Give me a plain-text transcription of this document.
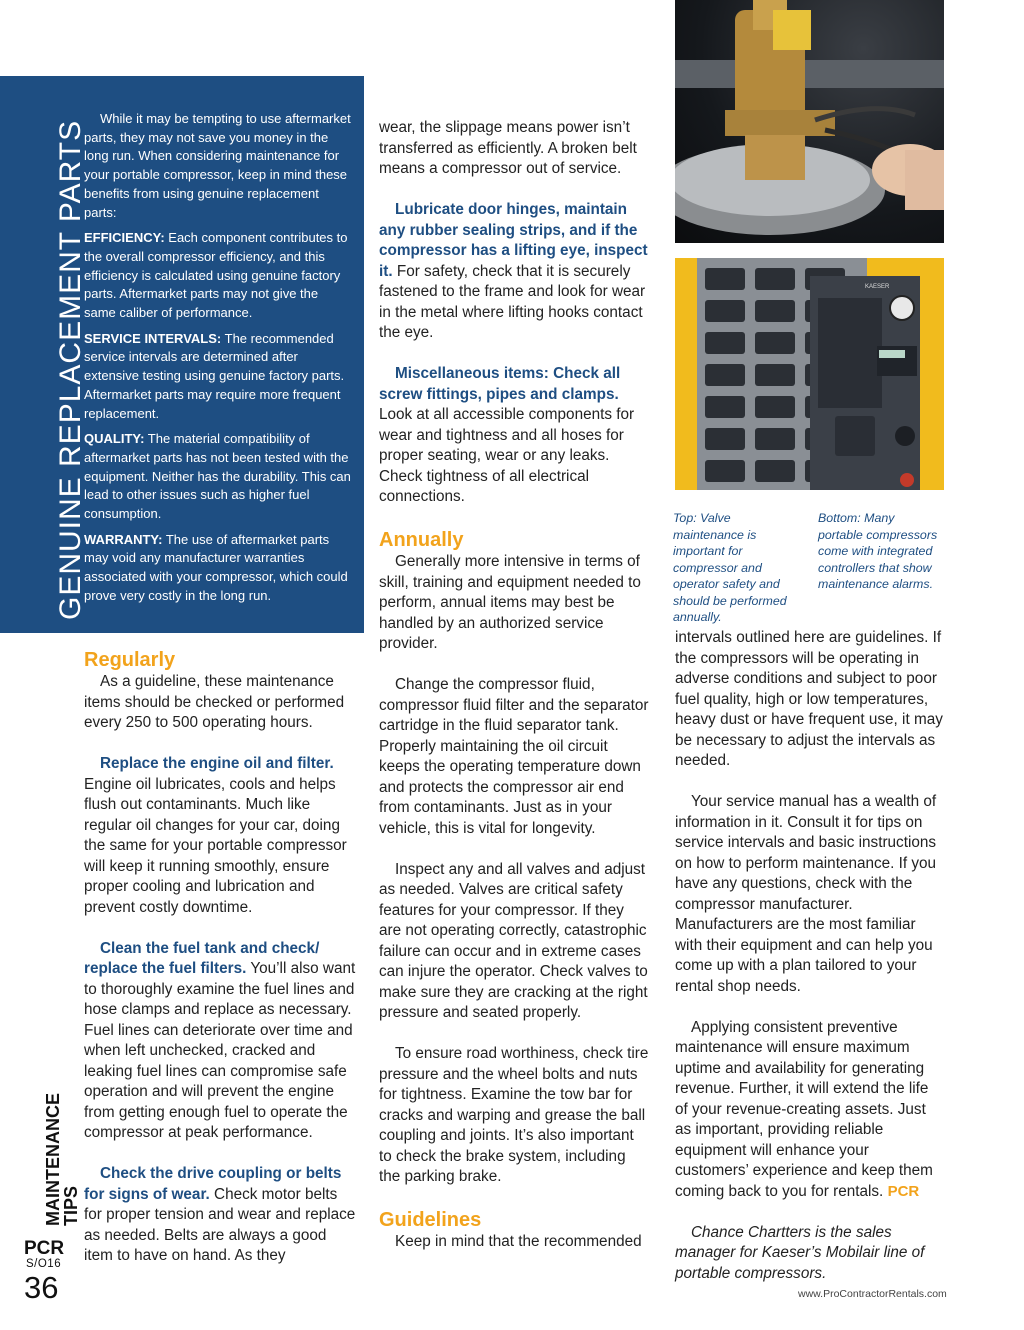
GENUINE REPLACEMENT PARTS

While it may be tempting to use aftermarket parts, they may not save you money in the long run. When considering maintenance for your portable compressor, keep in mind these benefits from using genuine replacement parts:

EFFICIENCY: Each component contributes to the overall compressor efficiency, and this efficiency is calculated using genuine factory parts. Aftermarket parts may not give the same caliber of performance.

SERVICE INTERVALS: The recommended service intervals are determined after extensive testing using genuine factory parts. Aftermarket parts may require more frequent replacement.

QUALITY: The material compatibility of aftermarket parts has not been tested with the equipment. Neither has the durability. This can lead to other issues such as higher fuel consumption.

WARRANTY: The use of aftermarket parts may void any manufacturer warranties associated with your compressor, which could prove very costly in the long run.

Regularly

As a guideline, these maintenance items should be checked or performed every 250 to 500 operating hours.

Replace the engine oil and filter. Engine oil lubricates, cools and helps flush out contaminants. Much like regular oil changes for your car, doing the same for your portable compressor will keep it running smoothly, ensure proper cooling and lubrication and prevent costly downtime.

Clean the fuel tank and check/ replace the fuel filters. You’ll also want to thoroughly examine the fuel lines and hose clamps and replace as necessary. Fuel lines can deteriorate over time and when left unchecked, cracked and leaking fuel lines can compromise safe operation and will prevent the engine from getting enough fuel to operate the compressor at peak performance.

Check the drive coupling or belts for signs of wear. Check motor belts for proper tension and wear and replace as needed. Belts are always a good item to have on hand. As they

wear, the slippage means power isn’t transferred as efficiently. A broken belt means a compressor out of service.

Lubricate door hinges, maintain any rubber sealing strips, and if the compressor has a lifting eye, inspect it. For safety, check that it is securely fastened to the frame and look for wear in the metal where lifting hooks contact the eye.

Miscellaneous items: Check all screw fittings, pipes and clamps. Look at all accessible components for wear and tightness and all hoses for proper seating, wear or any leaks. Check tightness of all electrical connections.

Annually

Generally more intensive in terms of skill, training and equipment needed to perform, annual items may best be handled by an authorized service provider.

Change the compressor fluid, compressor fluid filter and the separator cartridge in the fluid separator tank. Properly maintaining the oil circuit keeps the operating temperature down and protects the compressor air end from contaminants. Just as in your vehicle, this is vital for longevity.

Inspect any and all valves and adjust as needed. Valves are critical safety features for your compressor. If they are not operating correctly, catastrophic failure can occur and in extreme cases can injure the operator. Check valves to make sure they are cracking at the right pressure and seated properly.

To ensure road worthiness, check tire pressure and the wheel bolts and nuts for tightness. Examine the tow bar for cracks and warping and grease the ball coupling and joints. It’s also important to check the brake system, including the parking brake.

Guidelines

Keep in mind that the recommended

KAESER
Top: Valve maintenance is important for compressor and operator safety and should be performed annually.
Bottom: Many portable compressors come with integrated controllers that show maintenance alarms.

intervals outlined here are guidelines. If the compressors will be operating in adverse conditions and subject to poor fuel quality, high or low temperatures, heavy dust or have frequent use, it may be necessary to adjust the intervals as needed.

Your service manual has a wealth of information in it. Consult it for tips on service intervals and basic instructions on how to perform maintenance. If you have any questions, check with the compressor manufacturer. Manufacturers are the most familiar with their equipment and can help you come up with a plan tailored to your rental shop needs.

Applying consistent preventive maintenance will ensure maximum uptime and availability for generating revenue. Further, it will extend the life of your revenue-creating assets. Just as important, providing reliable equipment will enhance your customers’ experience and keep them coming back to you for rentals. PCR

Chance Chartters is the sales manager for Kaeser’s Mobilair line of portable compressors.

MAINTENANCE
TIPS
PCR
S/O16
36	www.ProContractorRentals.com
